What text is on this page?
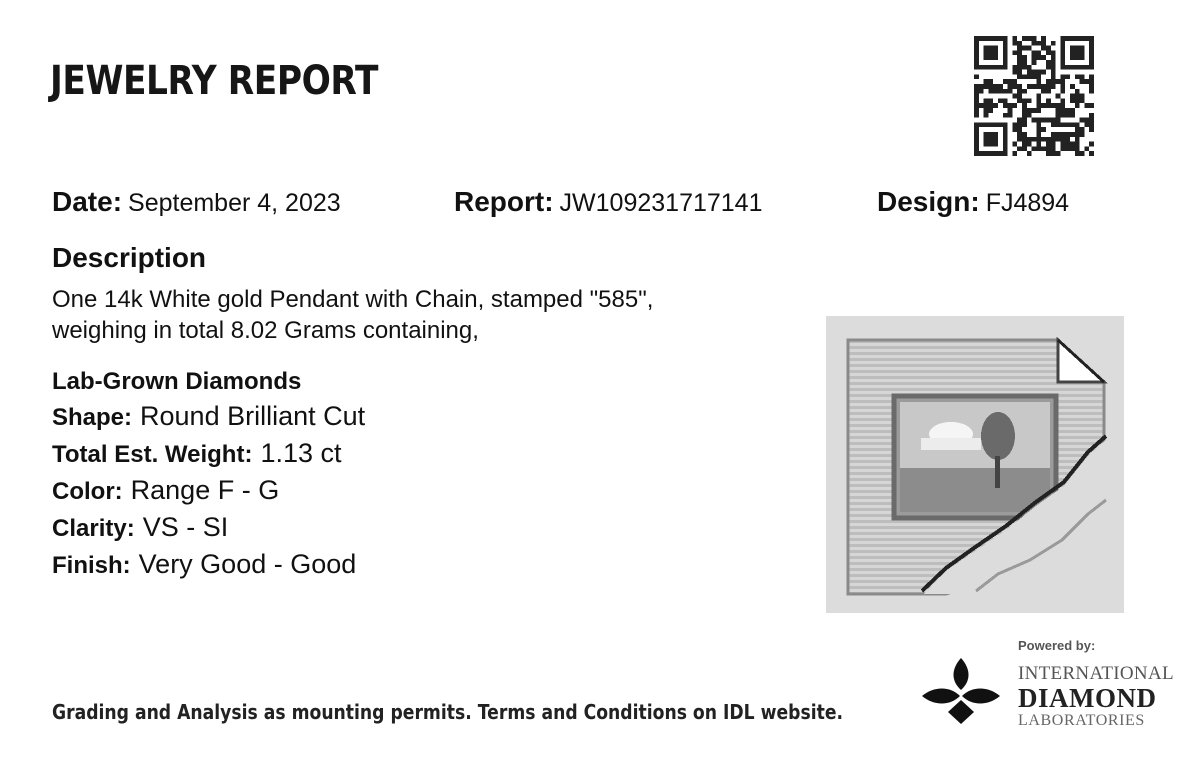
JEWELRY REPORT
Date: September 4, 2023	Report: JW109231717141	Design: FJ4894
Description
One 14k White gold Pendant with Chain, stamped "585",
weighing in total 8.02 Grams containing,
Lab-Grown Diamonds
Shape: Round Brilliant Cut
Total Est. Weight: 1.13 ct
Color: Range F - G
Clarity: VS - SI
Finish: Very Good - Good
Grading and Analysis as mounting permits. Terms and Conditions on IDL website.
Powered by:
INTERNATIONAL
DIAMOND
LABORATORIES
